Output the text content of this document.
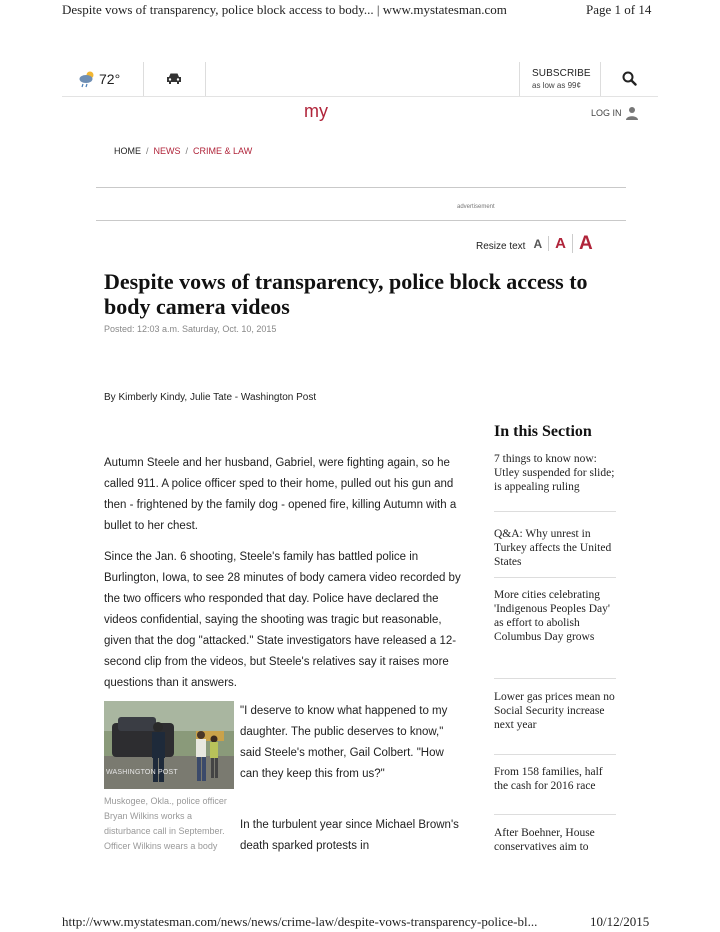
Despite vows of transparency, police block access to body... | www.mystatesman.com	Page 1 of 14
72°	SUBSCRIBE
as low as 99¢
my	LOG IN
HOME / NEWS / CRIME & LAW
advertisement
Resize text A A A
Despite vows of transparency, police block access to body camera videos
Posted: 12:03 a.m. Saturday, Oct. 10, 2015
By Kimberly Kindy, Julie Tate - Washington Post

Autumn Steele and her husband, Gabriel, were fighting again, so he called 911. A police officer sped to their home, pulled out his gun and then - frightened by the family dog - opened fire, killing Autumn with a bullet to her chest.

Since the Jan. 6 shooting, Steele's family has battled police in Burlington, Iowa, to see 28 minutes of body camera video recorded by the two officers who responded that day. Police have declared the videos confidential, saying the shooting was tragic but reasonable, given that the dog "attacked." State investigators have released a 12-second clip from the videos, but Steele's relatives say it raises more questions than it answers.

WASHINGTON POST
Muskogee, Okla., police officer Bryan Wilkins works a disturbance call in September. Officer Wilkins wears a body

"I deserve to know what happened to my daughter. The public deserves to know," said Steele's mother, Gail Colbert. "How can they keep this from us?"

In the turbulent year since Michael Brown's death sparked protests in

In this Section
7 things to know now: Utley suspended for slide; is appealing ruling
Q&A: Why unrest in Turkey affects the United States
More cities celebrating 'Indigenous Peoples Day' as effort to abolish Columbus Day grows
Lower gas prices mean no Social Security increase next year
From 158 families, half the cash for 2016 race
After Boehner, House conservatives aim to
http://www.mystatesman.com/news/news/crime-law/despite-vows-transparency-police-bl...	10/12/2015
